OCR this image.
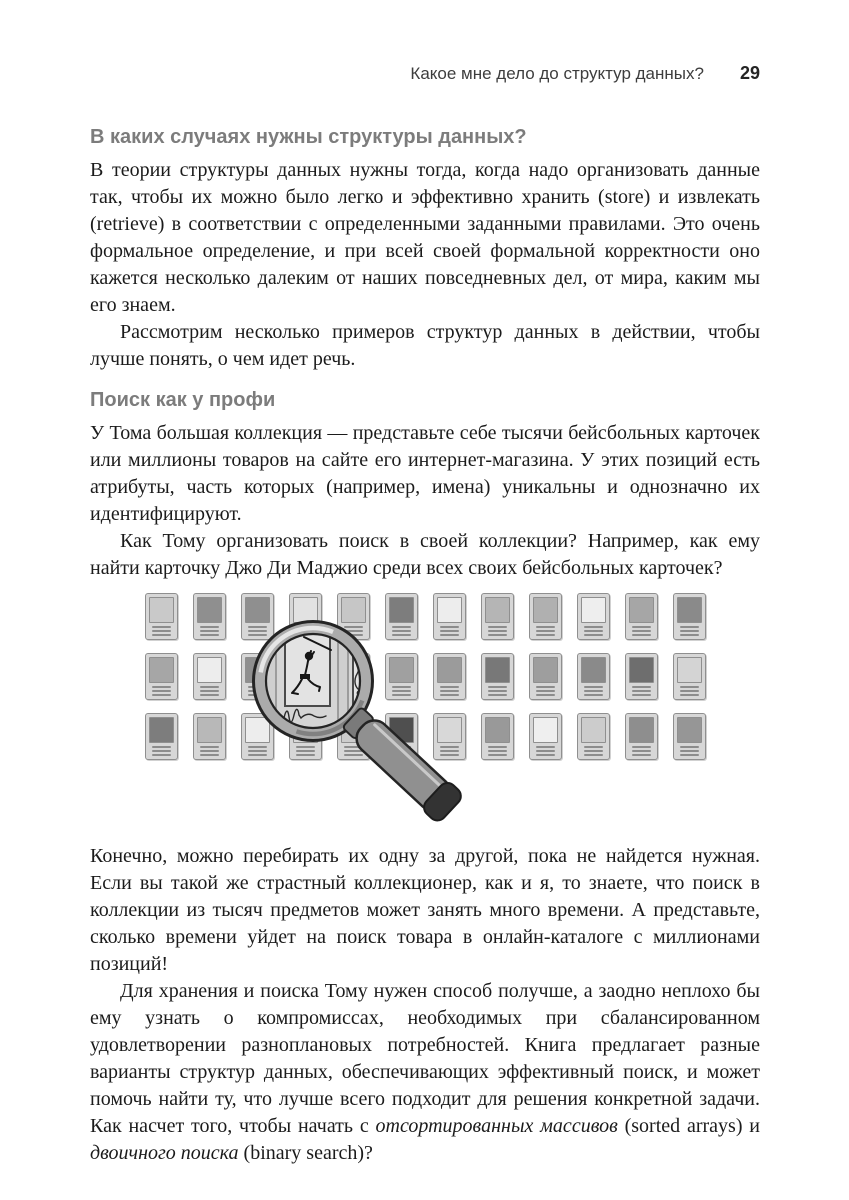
Какое мне дело до структур данных? 29
В каких случаях нужны структуры данных?

В теории структуры данных нужны тогда, когда надо организовать данные так, чтобы их можно было легко и эффективно хранить (store) и извлекать (retrieve) в соответствии с определенными заданными правилами. Это очень формальное определение, и при всей своей формальной корректности оно кажется несколько далеким от наших повседневных дел, от мира, каким мы его знаем.

Рассмотрим несколько примеров структур данных в действии, чтобы лучше понять, о чем идет речь.

Поиск как у профи

У Тома большая коллекция — представьте себе тысячи бейсбольных карточек или миллионы товаров на сайте его интернет-магазина. У этих позиций есть атрибуты, часть которых (например, имена) уникальны и однозначно их идентифицируют.

Как Тому организовать поиск в своей коллекции? Например, как ему найти карточку Джо Ди Маджио среди всех своих бейсбольных карточек?

Конечно, можно перебирать их одну за другой, пока не найдется нужная. Если вы такой же страстный коллекционер, как и я, то знаете, что поиск в коллекции из тысяч предметов может занять много времени. А представьте, сколько времени уйдет на поиск товара в онлайн-каталоге с миллионами позиций!

Для хранения и поиска Тому нужен способ получше, а заодно неплохо бы ему узнать о компромиссах, необходимых при сбалансированном удовлетворении разноплановых потребностей. Книга предлагает разные варианты структур данных, обеспечивающих эффективный поиск, и может помочь найти ту, что лучше всего подходит для решения конкретной задачи. Как насчет того, чтобы начать с отсортированных массивов (sorted arrays) и двоичного поиска (binary search)?
